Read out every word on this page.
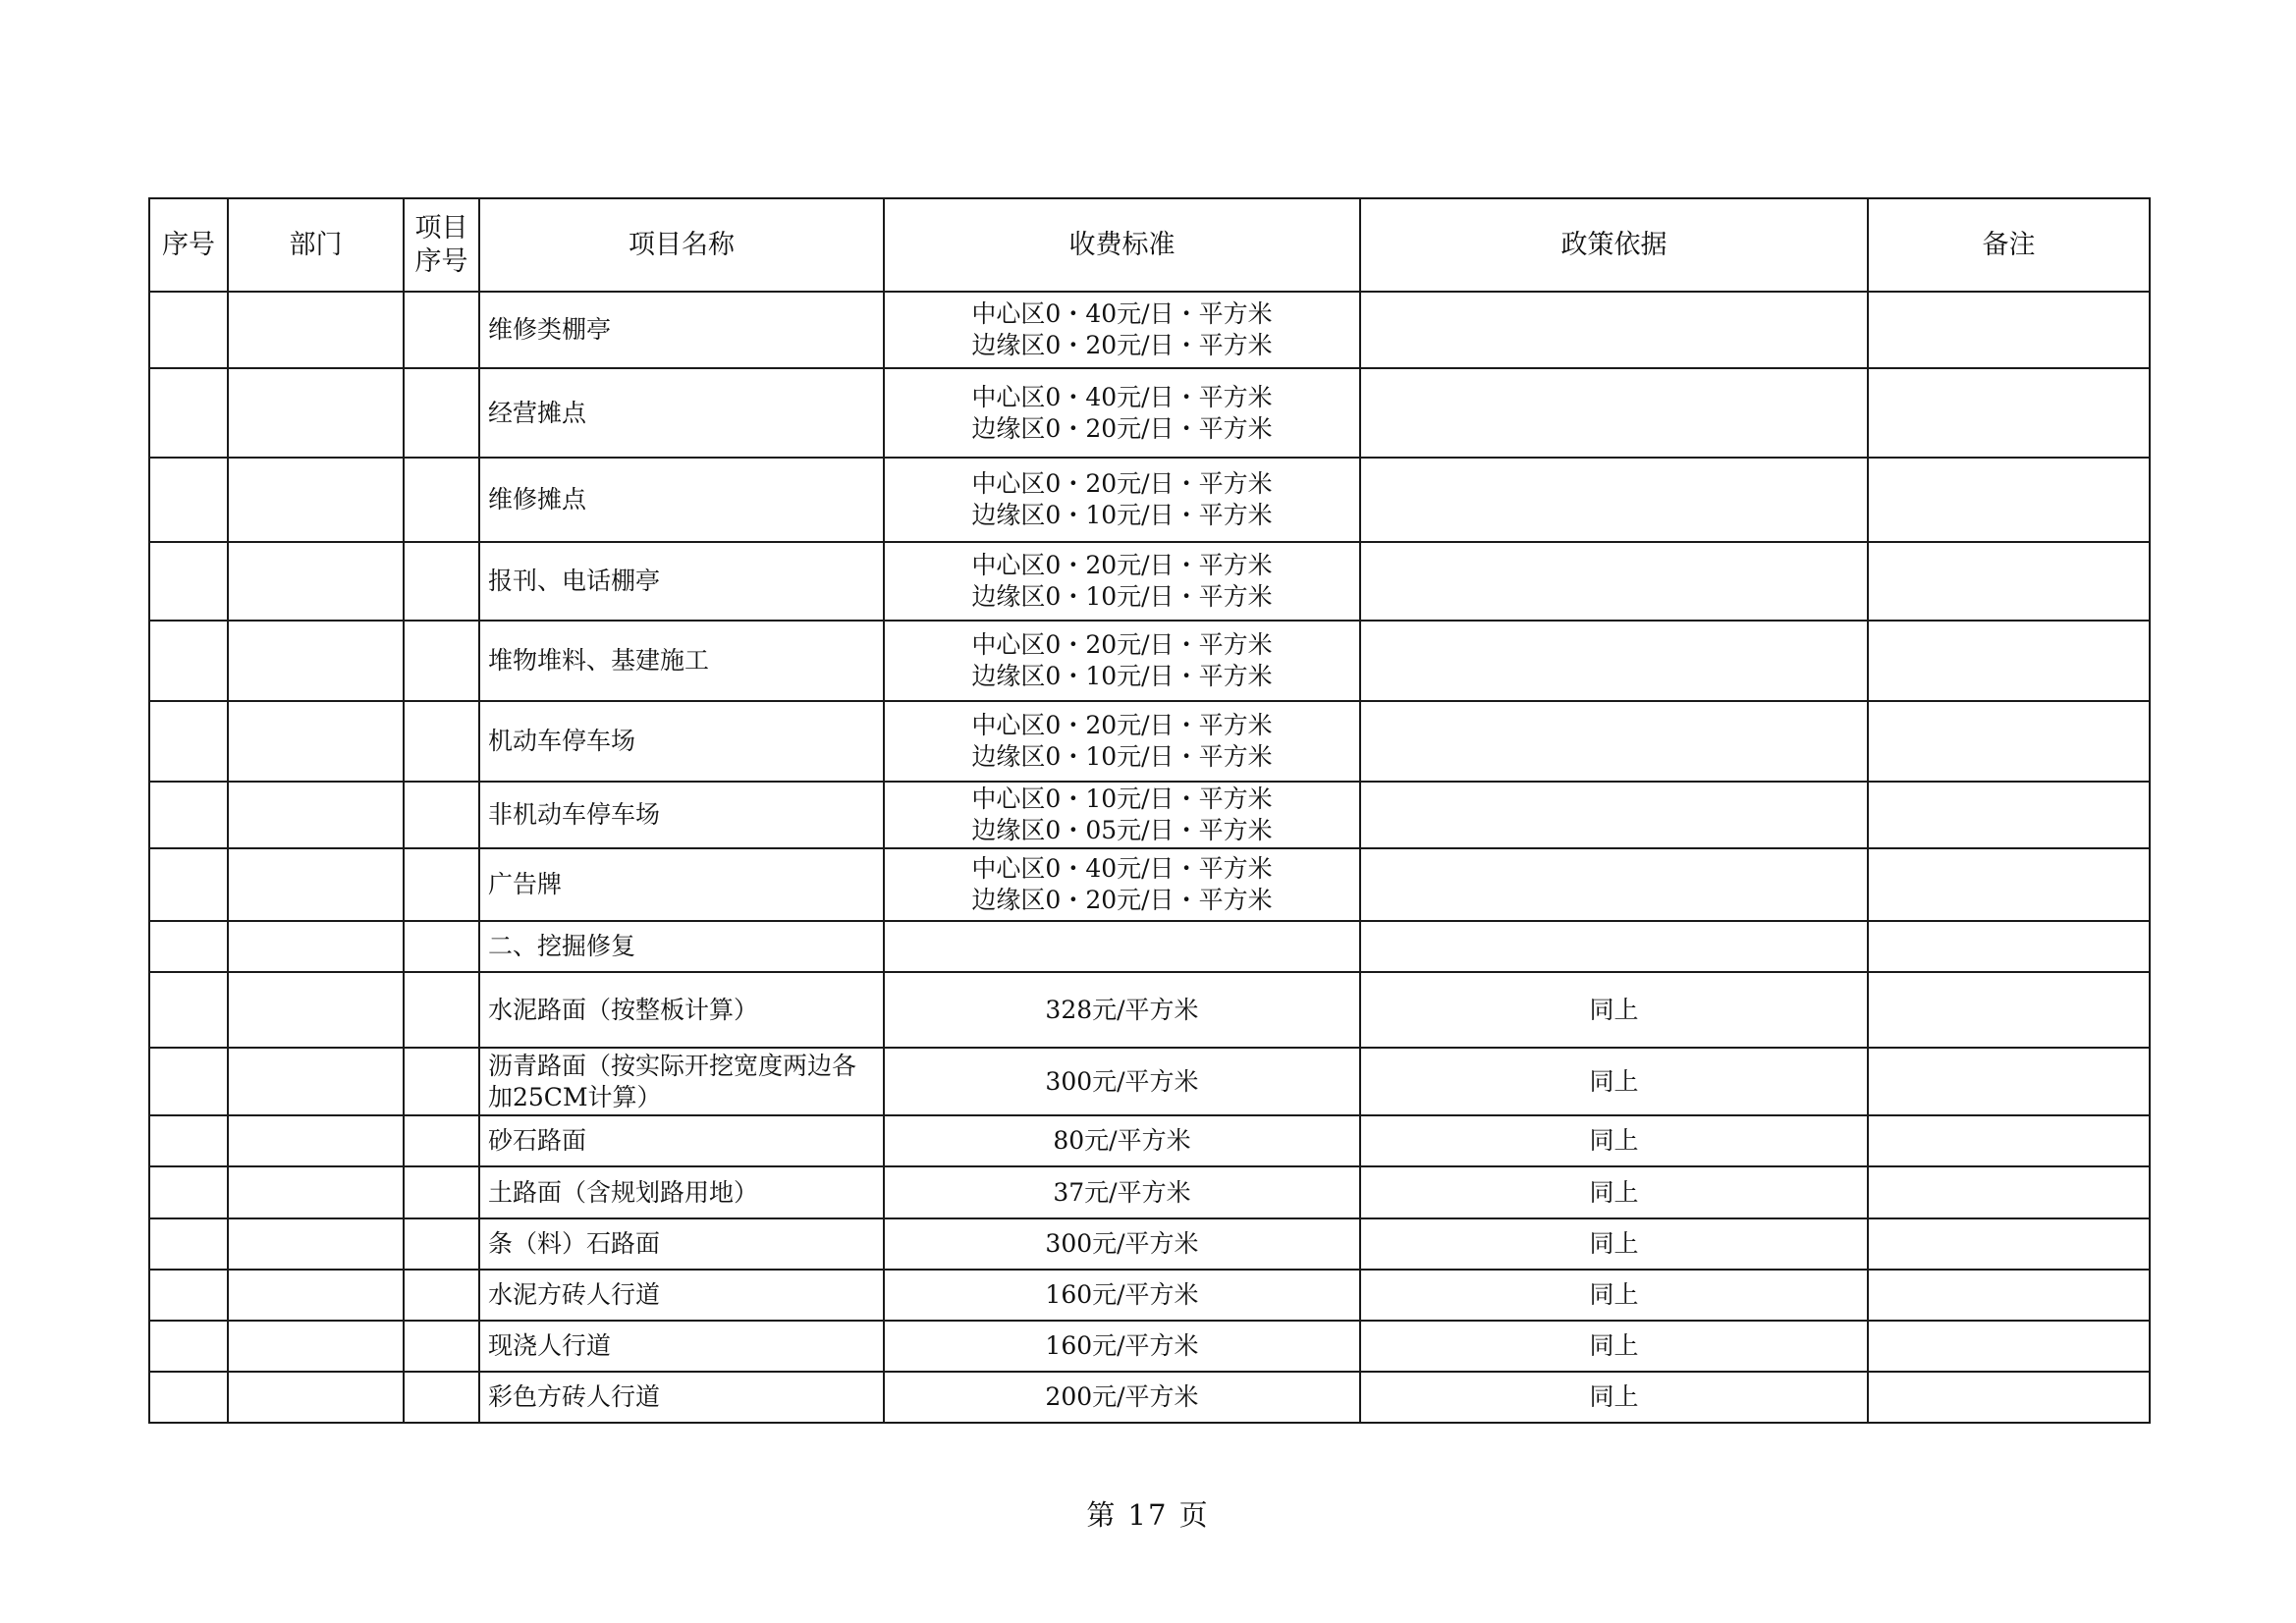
序号	部门	项目
序号	项目名称	收费标准	政策依据	备注
			维修类棚亭	中心区0・40元/日・平方米
边缘区0・20元/日・平方米		

			经营摊点	中心区0・40元/日・平方米
边缘区0・20元/日・平方米		

			维修摊点	中心区0・20元/日・平方米
边缘区0・10元/日・平方米		

			报刊、电话棚亭	中心区0・20元/日・平方米
边缘区0・10元/日・平方米		

			堆物堆料、基建施工	中心区0・20元/日・平方米
边缘区0・10元/日・平方米		

			机动车停车场	中心区0・20元/日・平方米
边缘区0・10元/日・平方米		

			非机动车停车场	中心区0・10元/日・平方米
边缘区0・05元/日・平方米		

			广告牌	中心区0・40元/日・平方米
边缘区0・20元/日・平方米		

			二、挖掘修复	

			水泥路面（按整板计算）	328元/平方米	同上	
			沥青路面（按实际开挖宽度两边各加25CM计算）	300元/平方米	同上	
			砂石路面	80元/平方米	同上	
			土路面（含规划路用地）	37元/平方米	同上	
			条（料）石路面	300元/平方米	同上	
			水泥方砖人行道	160元/平方米	同上	
			现浇人行道	160元/平方米	同上	
			彩色方砖人行道	200元/平方米	同上	
第 17 页
